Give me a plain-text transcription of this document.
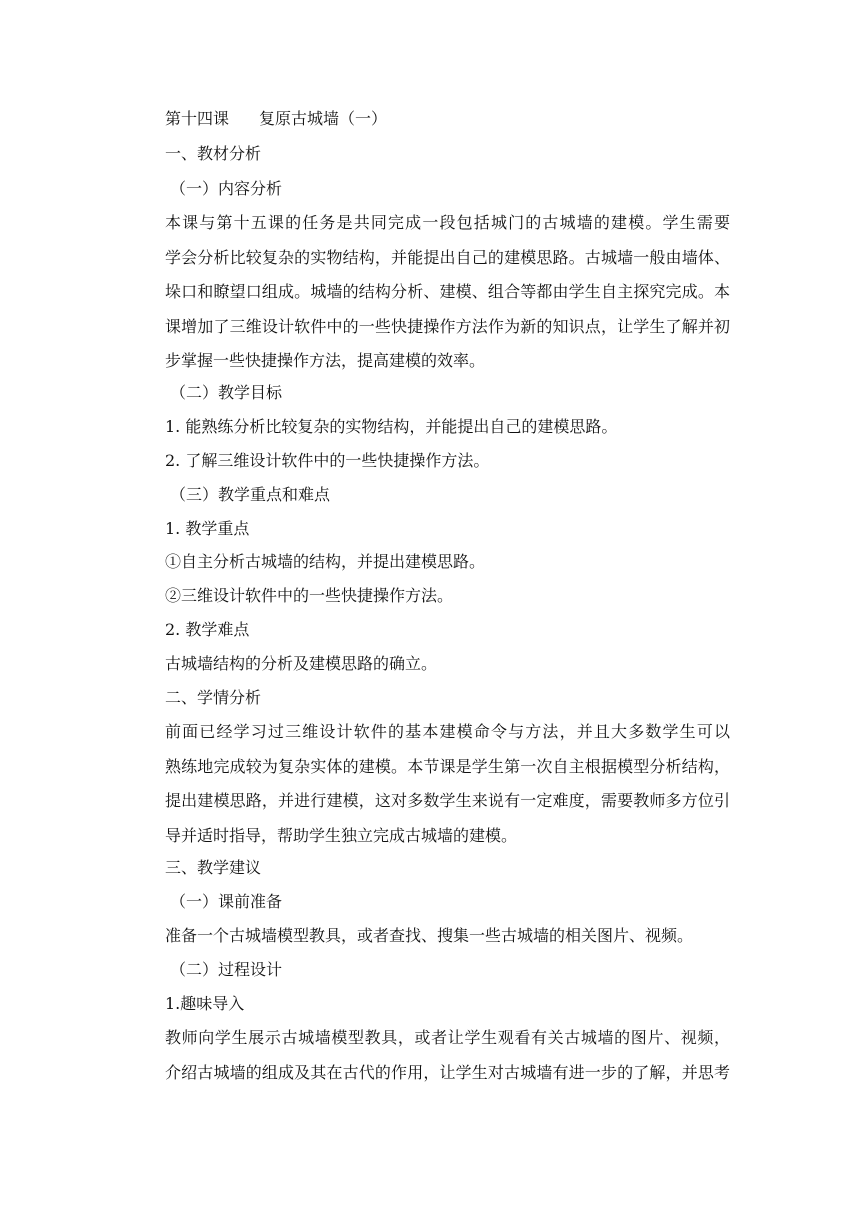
第十四课 复原古城墙（一）
一、教材分析
（一）内容分析
本课与第十五课的任务是共同完成一段包括城门的古城墙的建模。学生需要
学会分析比较复杂的实物结构，并能提出自己的建模思路。古城墙一般由墙体、
垛口和瞭望口组成。城墙的结构分析、建模、组合等都由学生自主探究完成。本
课增加了三维设计软件中的一些快捷操作方法作为新的知识点，让学生了解并初
步掌握一些快捷操作方法，提高建模的效率。
（二）教学目标
1. 能熟练分析比较复杂的实物结构，并能提出自己的建模思路。
2. 了解三维设计软件中的一些快捷操作方法。
（三）教学重点和难点
1. 教学重点
①自主分析古城墙的结构，并提出建模思路。
②三维设计软件中的一些快捷操作方法。
2. 教学难点
古城墙结构的分析及建模思路的确立。
二、学情分析
前面已经学习过三维设计软件的基本建模命令与方法，并且大多数学生可以
熟练地完成较为复杂实体的建模。本节课是学生第一次自主根据模型分析结构，
提出建模思路，并进行建模，这对多数学生来说有一定难度，需要教师多方位引
导并适时指导，帮助学生独立完成古城墙的建模。
三、教学建议
（一）课前准备
准备一个古城墙模型教具，或者查找、搜集一些古城墙的相关图片、视频。
（二）过程设计
1.趣味导入
教师向学生展示古城墙模型教具，或者让学生观看有关古城墙的图片、视频，
介绍古城墙的组成及其在古代的作用，让学生对古城墙有进一步的了解，并思考
